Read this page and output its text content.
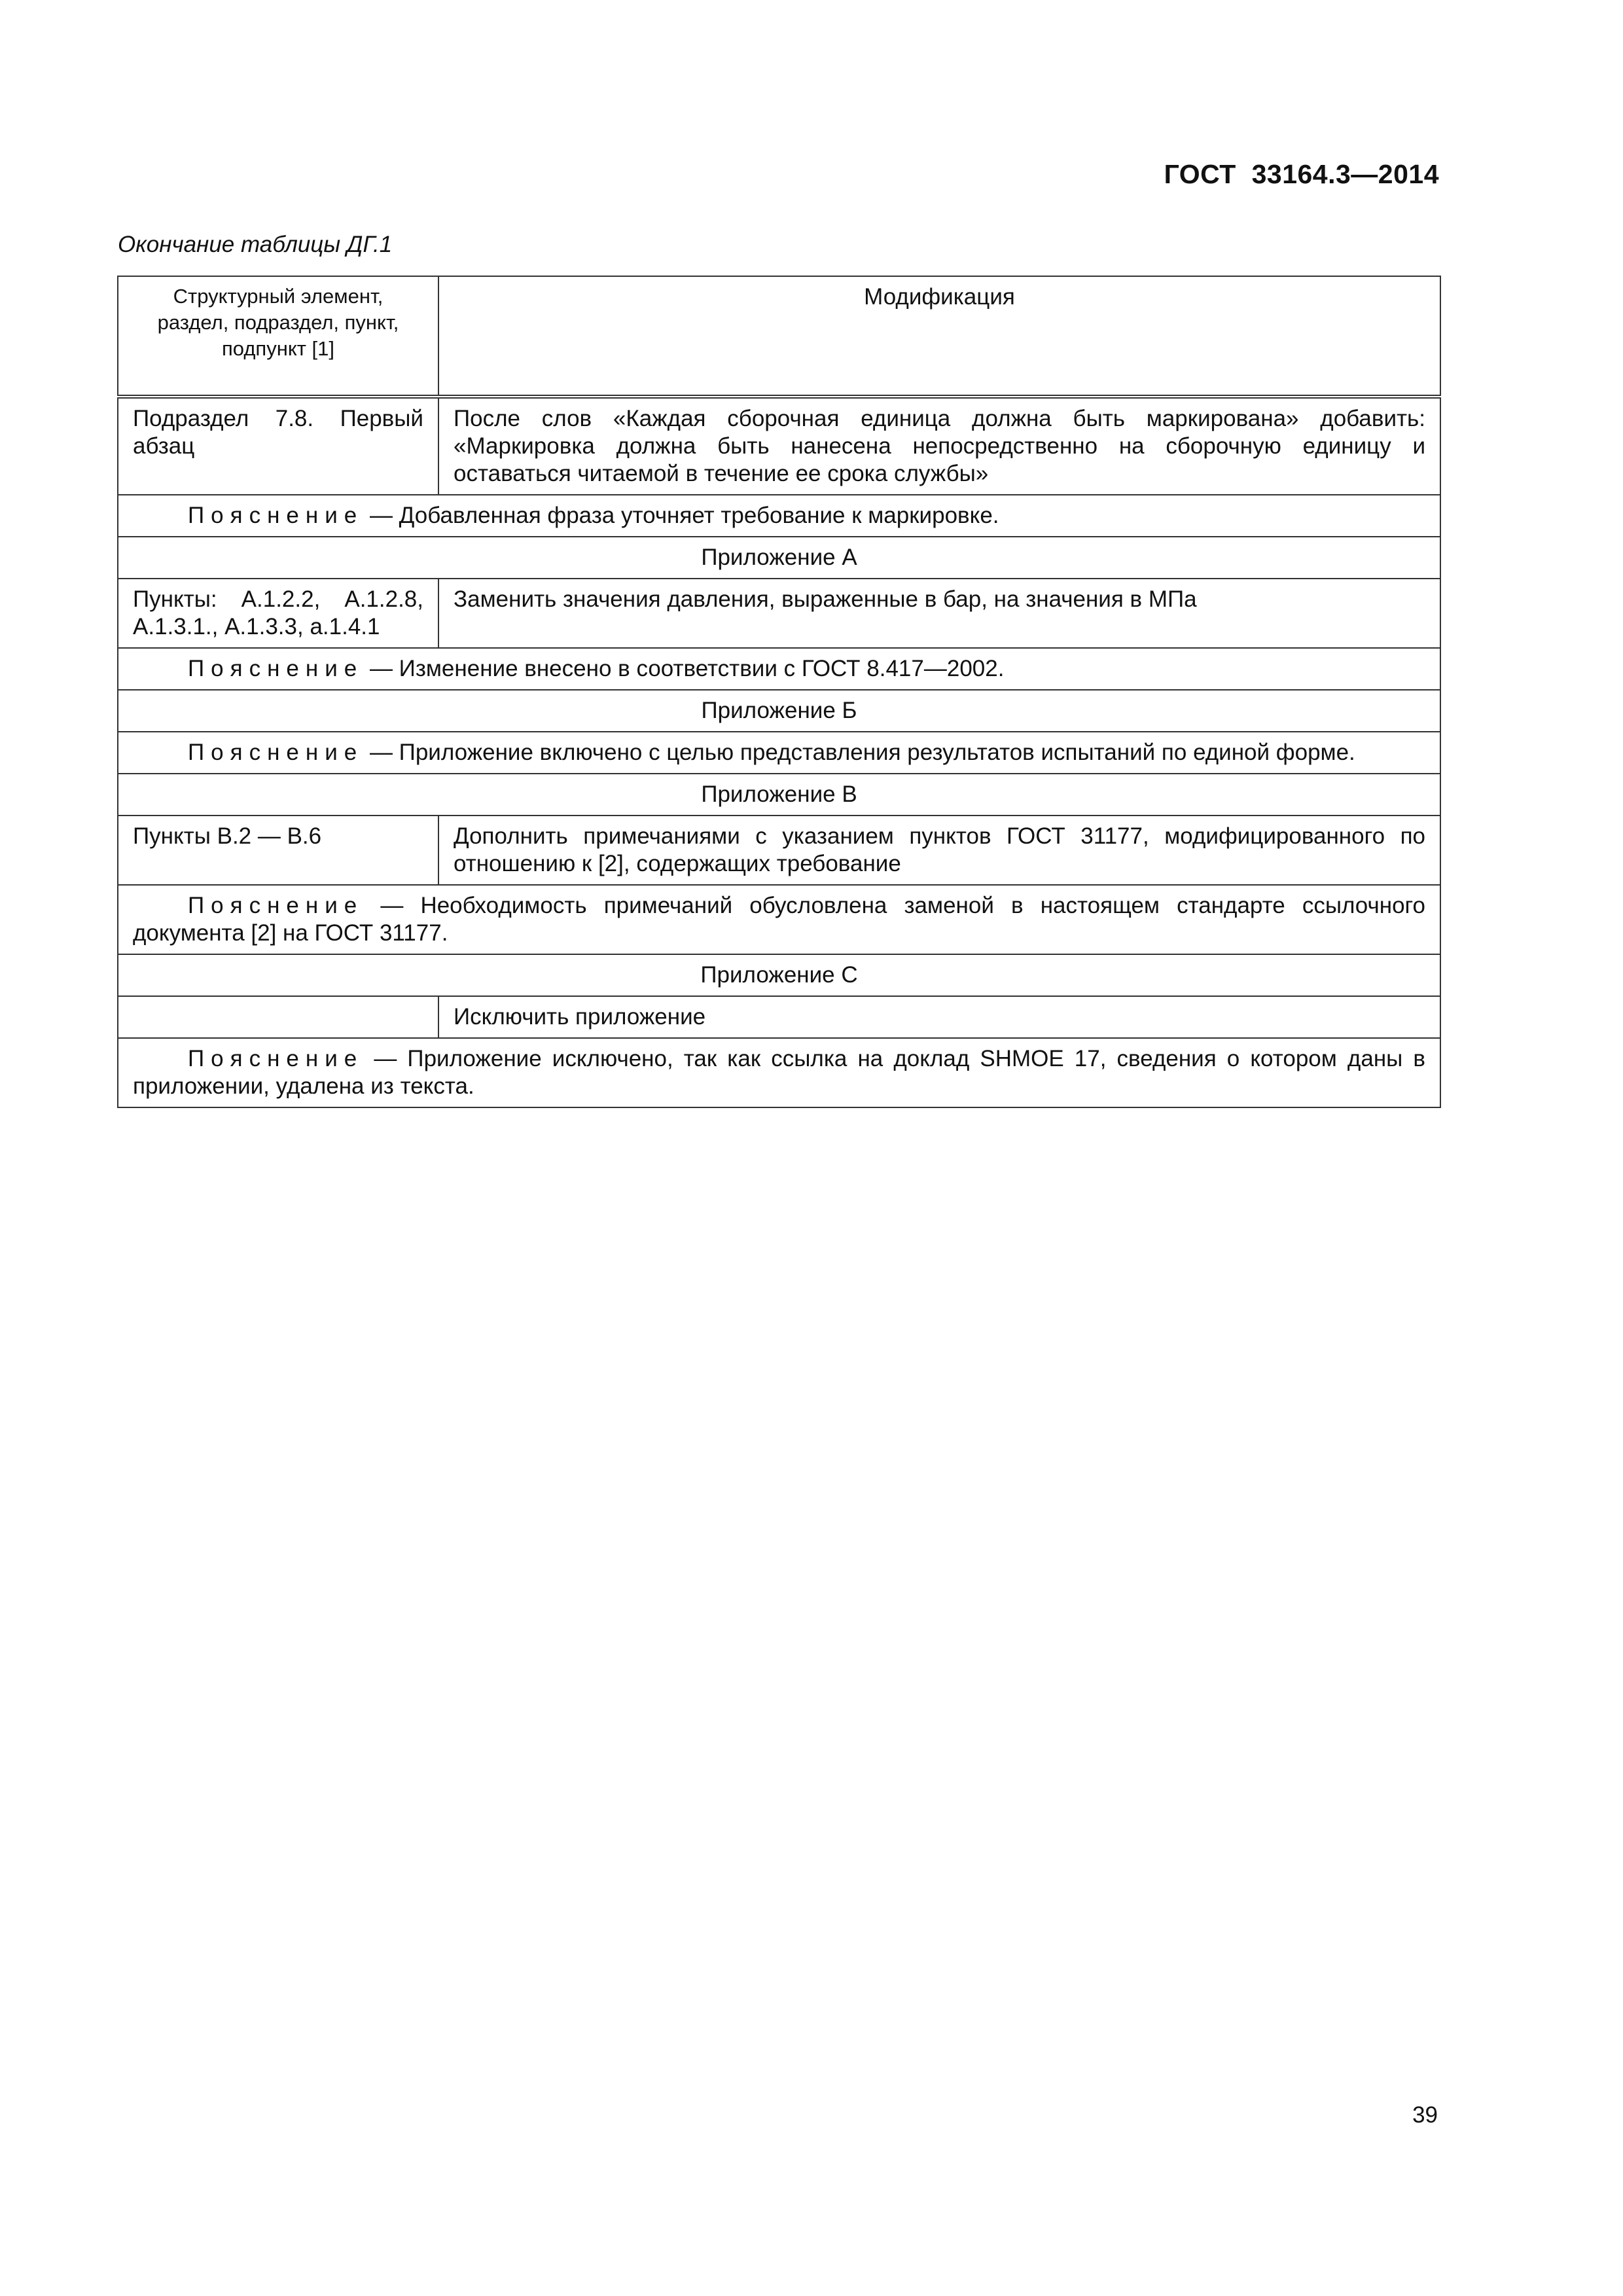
ГОСТ  33164.3—2014
Окончание таблицы ДГ.1
Структурный элемент, раздел, подраздел, пункт, подпункт [1]	Модификация
Подраздел 7.8. Первый абзац	После слов «Каждая сборочная единица должна быть маркирована» добавить: «Маркировка должна быть нанесена непосредственно на сборочную единицу и оставаться читаемой в течение ее срока службы»
Пояснение — Добавленная фраза уточняет требование к маркировке.	
Приложение А	
Пункты: А.1.2.2, А.1.2.8, А.1.3.1., А.1.3.3, а.1.4.1	Заменить значения давления, выраженные в бар, на значения в МПа
Пояснение — Изменение внесено в соответствии с ГОСТ 8.417—2002.	
Приложение Б	
Пояснение — Приложение включено с целью представления результатов испытаний по единой форме.	
Приложение В	
Пункты В.2 — В.6	Дополнить примечаниями с указанием пунктов ГОСТ 31177, модифицированного по отношению к [2], содержащих требование
Пояснение — Необходимость примечаний обусловлена заменой в настоящем стандарте ссылочного документа [2] на ГОСТ 31177.	
Приложение С	
	Исключить приложение
Пояснение — Приложение исключено, так как ссылка на доклад SHMOE 17, сведения о котором даны в приложении, удалена из текста.	
39
